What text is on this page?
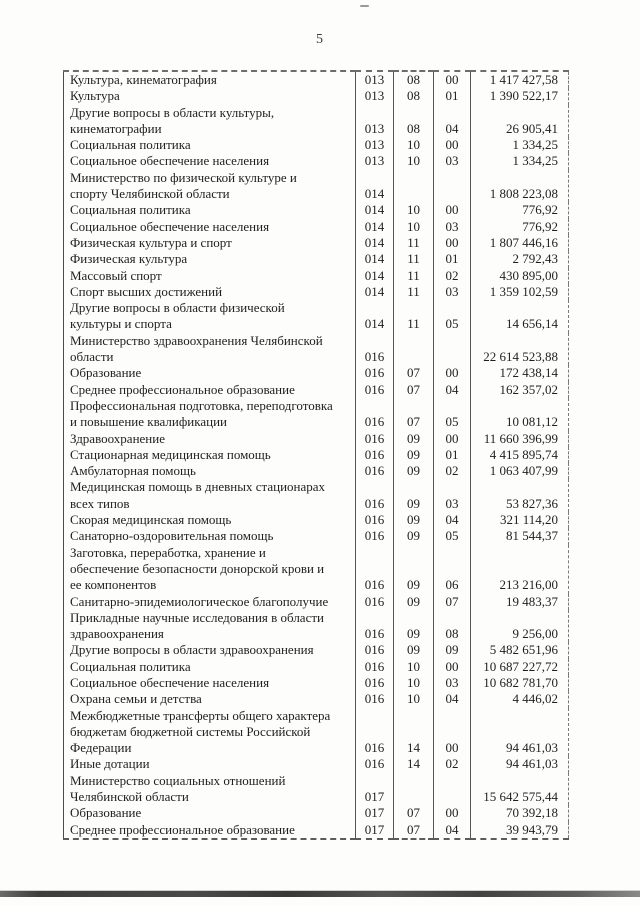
5
Культура, кинематография	013	08	00	1 417 427,58
Культура	013	08	01	1 390 522,17
Другие вопросы в области культуры,
кинематографии	013	08	04	26 905,41
Социальная политика	013	10	00	1 334,25
Социальное обеспечение населения	013	10	03	1 334,25
Министерство по физической культуре и
спорту Челябинской области	014			1 808 223,08
Социальная политика	014	10	00	776,92
Социальное обеспечение населения	014	10	03	776,92
Физическая культура и спорт	014	11	00	1 807 446,16
Физическая культура	014	11	01	2 792,43
Массовый спорт	014	11	02	430 895,00
Спорт высших достижений	014	11	03	1 359 102,59
Другие вопросы в области физической
культуры и спорта	014	11	05	14 656,14
Министерство здравоохранения Челябинской
области	016			22 614 523,88
Образование	016	07	00	172 438,14
Среднее профессиональное образование	016	07	04	162 357,02
Профессиональная подготовка, переподготовка
и повышение квалификации	016	07	05	10 081,12
Здравоохранение	016	09	00	11 660 396,99
Стационарная медицинская помощь	016	09	01	4 415 895,74
Амбулаторная помощь	016	09	02	1 063 407,99
Медицинская помощь в дневных стационарах
всех типов	016	09	03	53 827,36
Скорая медицинская помощь	016	09	04	321 114,20
Санаторно-оздоровительная помощь	016	09	05	81 544,37
Заготовка, переработка, хранение и
обеспечение безопасности донорской крови и
ее компонентов	016	09	06	213 216,00
Санитарно-эпидемиологическое благополучие	016	09	07	19 483,37
Прикладные научные исследования в области
здравоохранения	016	09	08	9 256,00
Другие вопросы в области здравоохранения	016	09	09	5 482 651,96
Социальная политика	016	10	00	10 687 227,72
Социальное обеспечение населения	016	10	03	10 682 781,70
Охрана семьи и детства	016	10	04	4 446,02
Межбюджетные трансферты общего характера
бюджетам бюджетной системы Российской
Федерации	016	14	00	94 461,03
Иные дотации	016	14	02	94 461,03
Министерство социальных отношений
Челябинской области	017			15 642 575,44
Образование	017	07	00	70 392,18
Среднее профессиональное образование	017	07	04	39 943,79
